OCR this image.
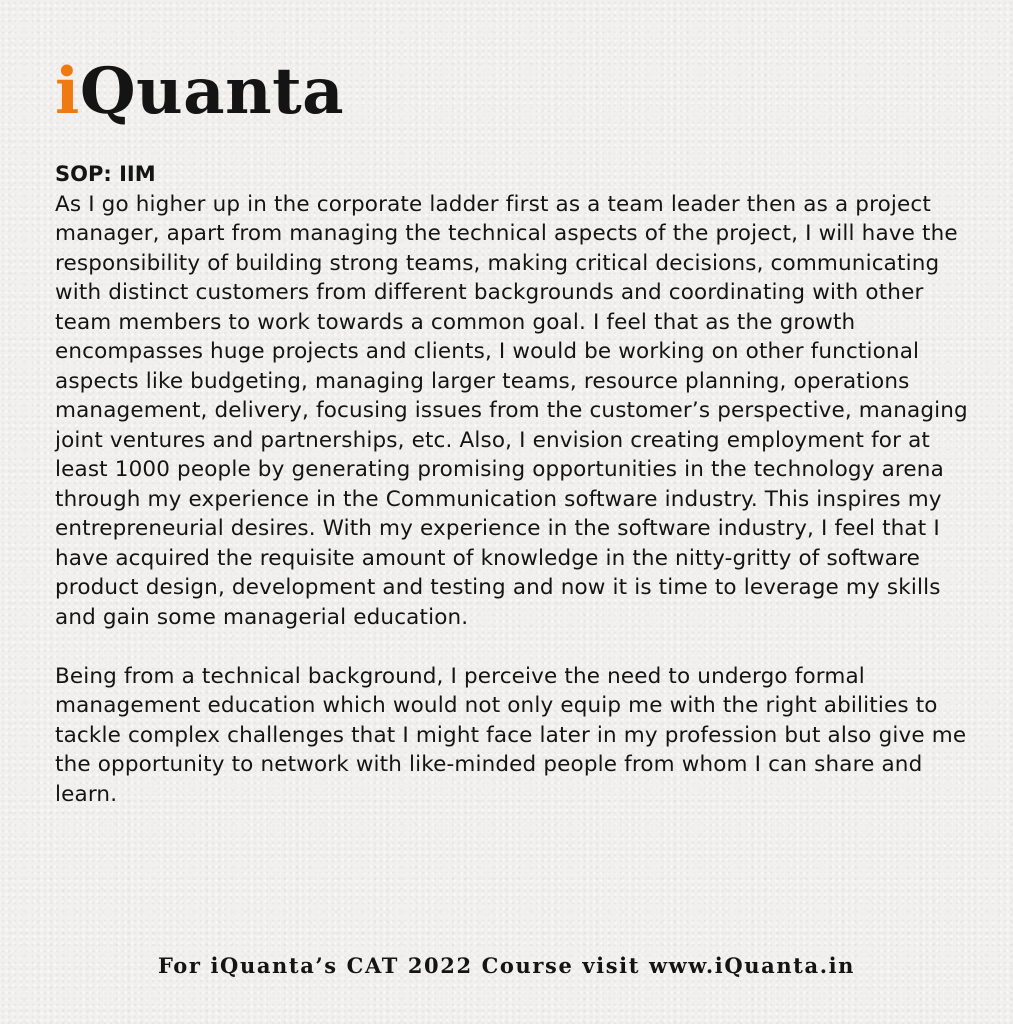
iQuanta

SOP: IIM

As I go higher up in the corporate ladder first as a team leader then as a project manager, apart from managing the technical aspects of the project, I will have the responsibility of building strong teams, making critical decisions, communicating with distinct customers from different backgrounds and coordinating with other team members to work towards a common goal. I feel that as the growth encompasses huge projects and clients, I would be working on other functional aspects like budgeting, managing larger teams, resource planning, operations management, delivery, focusing issues from the customer’s perspective, managing joint ventures and partnerships, etc. Also, I envision creating employment for at least 1000 people by generating promising opportunities in the technology arena through my experience in the Communication software industry. This inspires my entrepreneurial desires. With my experience in the software industry, I feel that I have acquired the requisite amount of knowledge in the nitty-gritty of software product design, development and testing and now it is time to leverage my skills and gain some managerial education.

Being from a technical background, I perceive the need to undergo formal management education which would not only equip me with the right abilities to tackle complex challenges that I might face later in my profession but also give me the opportunity to network with like-minded people from whom I can share and learn.

For iQuanta’s CAT 2022 Course visit www.iQuanta.in
